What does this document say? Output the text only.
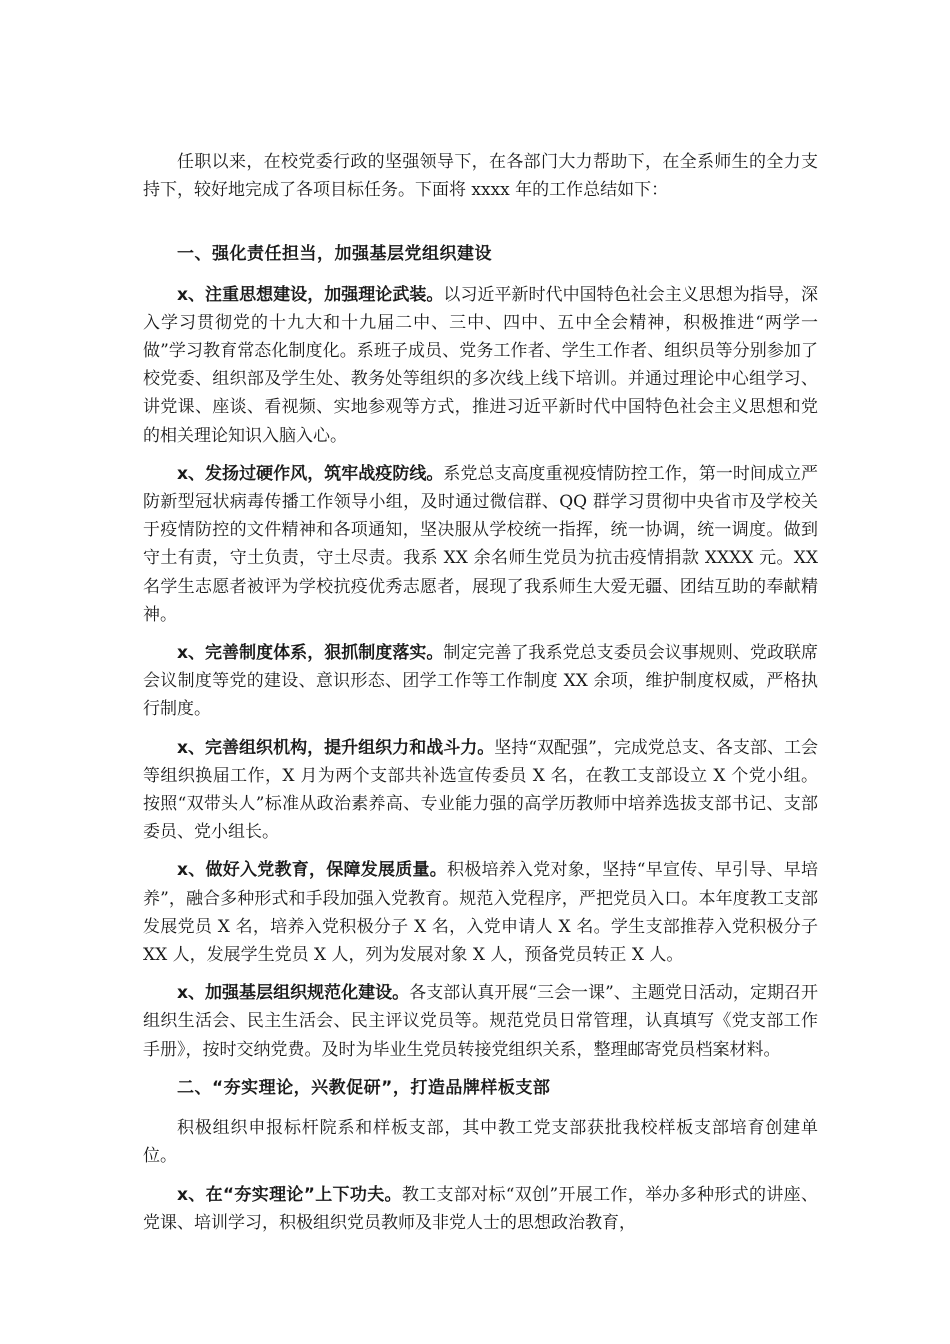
任职以来，在校党委行政的坚强领导下，在各部门大力帮助下，在全系师生的全力支持下，较好地完成了各项目标任务。下面将 xxxx 年的工作总结如下：

一、强化责任担当，加强基层党组织建设

x、注重思想建设，加强理论武装。以习近平新时代中国特色社会主义思想为指导，深入学习贯彻党的十九大和十九届二中、三中、四中、五中全会精神，积极推进“两学一做”学习教育常态化制度化。系班子成员、党务工作者、学生工作者、组织员等分别参加了校党委、组织部及学生处、教务处等组织的多次线上线下培训。并通过理论中心组学习、讲党课、座谈、看视频、实地参观等方式，推进习近平新时代中国特色社会主义思想和党的相关理论知识入脑入心。

x、发扬过硬作风，筑牢战疫防线。系党总支高度重视疫情防控工作，第一时间成立严防新型冠状病毒传播工作领导小组，及时通过微信群、QQ 群学习贯彻中央省市及学校关于疫情防控的文件精神和各项通知，坚决服从学校统一指挥，统一协调，统一调度。做到守土有责，守土负责，守土尽责。我系 XX 余名师生党员为抗击疫情捐款 XXXX 元。XX 名学生志愿者被评为学校抗疫优秀志愿者，展现了我系师生大爱无疆、团结互助的奉献精神。

x、完善制度体系，狠抓制度落实。制定完善了我系党总支委员会议事规则、党政联席会议制度等党的建设、意识形态、团学工作等工作制度 XX 余项，维护制度权威，严格执行制度。

x、完善组织机构，提升组织力和战斗力。坚持“双配强”，完成党总支、各支部、工会等组织换届工作，X 月为两个支部共补选宣传委员 X 名，在教工支部设立 X 个党小组。按照“双带头人”标准从政治素养高、专业能力强的高学历教师中培养选拔支部书记、支部委员、党小组长。

x、做好入党教育，保障发展质量。积极培养入党对象，坚持“早宣传、早引导、早培养”，融合多种形式和手段加强入党教育。规范入党程序，严把党员入口。本年度教工支部发展党员 X 名，培养入党积极分子 X 名，入党申请人 X 名。学生支部推荐入党积极分子 XX 人，发展学生党员 X 人，列为发展对象 X 人，预备党员转正 X 人。

x、加强基层组织规范化建设。各支部认真开展“三会一课”、主题党日活动，定期召开组织生活会、民主生活会、民主评议党员等。规范党员日常管理，认真填写《党支部工作手册》，按时交纳党费。及时为毕业生党员转接党组织关系，整理邮寄党员档案材料。

二、“夯实理论，兴教促研”，打造品牌样板支部

积极组织申报标杆院系和样板支部，其中教工党支部获批我校样板支部培育创建单位。

x、在“夯实理论”上下功夫。教工支部对标“双创”开展工作，举办多种形式的讲座、党课、培训学习，积极组织党员教师及非党人士的思想政治教育，
